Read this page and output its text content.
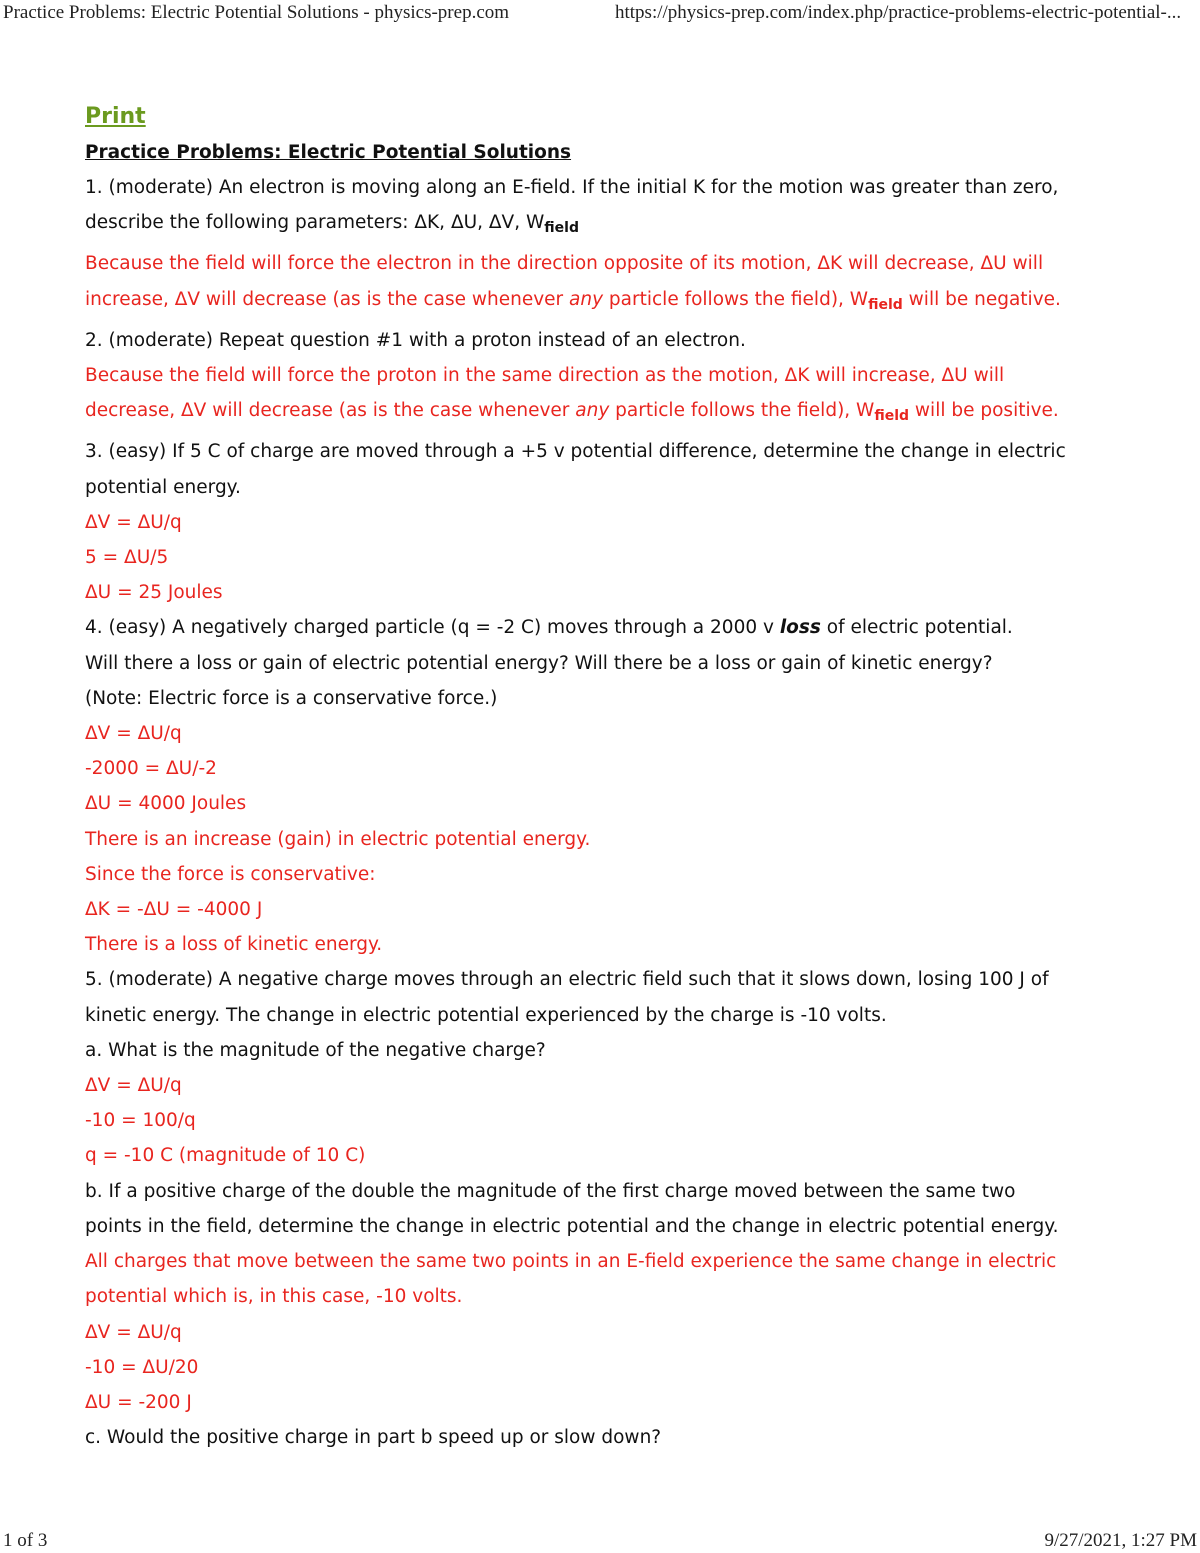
Practice Problems: Electric Potential Solutions - physics-prep.com	https://physics-prep.com/index.php/practice-problems-electric-potential-...
Print
Practice Problems: Electric Potential Solutions
1. (moderate) An electron is moving along an E-field. If the initial K for the motion was greater than zero,
describe the following parameters: ΔK, ΔU, ΔV, $W_{field}$
Because the field will force the electron in the direction opposite of its motion, ΔK will decrease, ΔU will
increase, ΔV will decrease (as is the case whenever any particle follows the field), $W_{field}$ will be negative.
2. (moderate) Repeat question #1 with a proton instead of an electron.
Because the field will force the proton in the same direction as the motion, ΔK will increase, ΔU will
decrease, ΔV will decrease (as is the case whenever any particle follows the field), $W_{field}$ will be positive.
3. (easy) If 5 C of charge are moved through a +5 v potential difference, determine the change in electric
potential energy.
ΔV = ΔU/q
5 = ΔU/5
ΔU = 25 Joules
4. (easy) A negatively charged particle (q = -2 C) moves through a 2000 v loss of electric potential.
Will there a loss or gain of electric potential energy? Will there be a loss or gain of kinetic energy?
(Note: Electric force is a conservative force.)
ΔV = ΔU/q
-2000 = ΔU/-2
ΔU = 4000 Joules
There is an increase (gain) in electric potential energy.
Since the force is conservative:
ΔK = -ΔU = -4000 J
There is a loss of kinetic energy.
5. (moderate) A negative charge moves through an electric field such that it slows down, losing 100 J of
kinetic energy. The change in electric potential experienced by the charge is -10 volts.
a. What is the magnitude of the negative charge?
ΔV = ΔU/q
-10 = 100/q
q = -10 C (magnitude of 10 C)
b. If a positive charge of the double the magnitude of the first charge moved between the same two
points in the field, determine the change in electric potential and the change in electric potential energy.
All charges that move between the same two points in an E-field experience the same change in electric
potential which is, in this case, -10 volts.
ΔV = ΔU/q
-10 = ΔU/20
ΔU = -200 J
c. Would the positive charge in part b speed up or slow down?
1 of 3	9/27/2021, 1:27 PM
